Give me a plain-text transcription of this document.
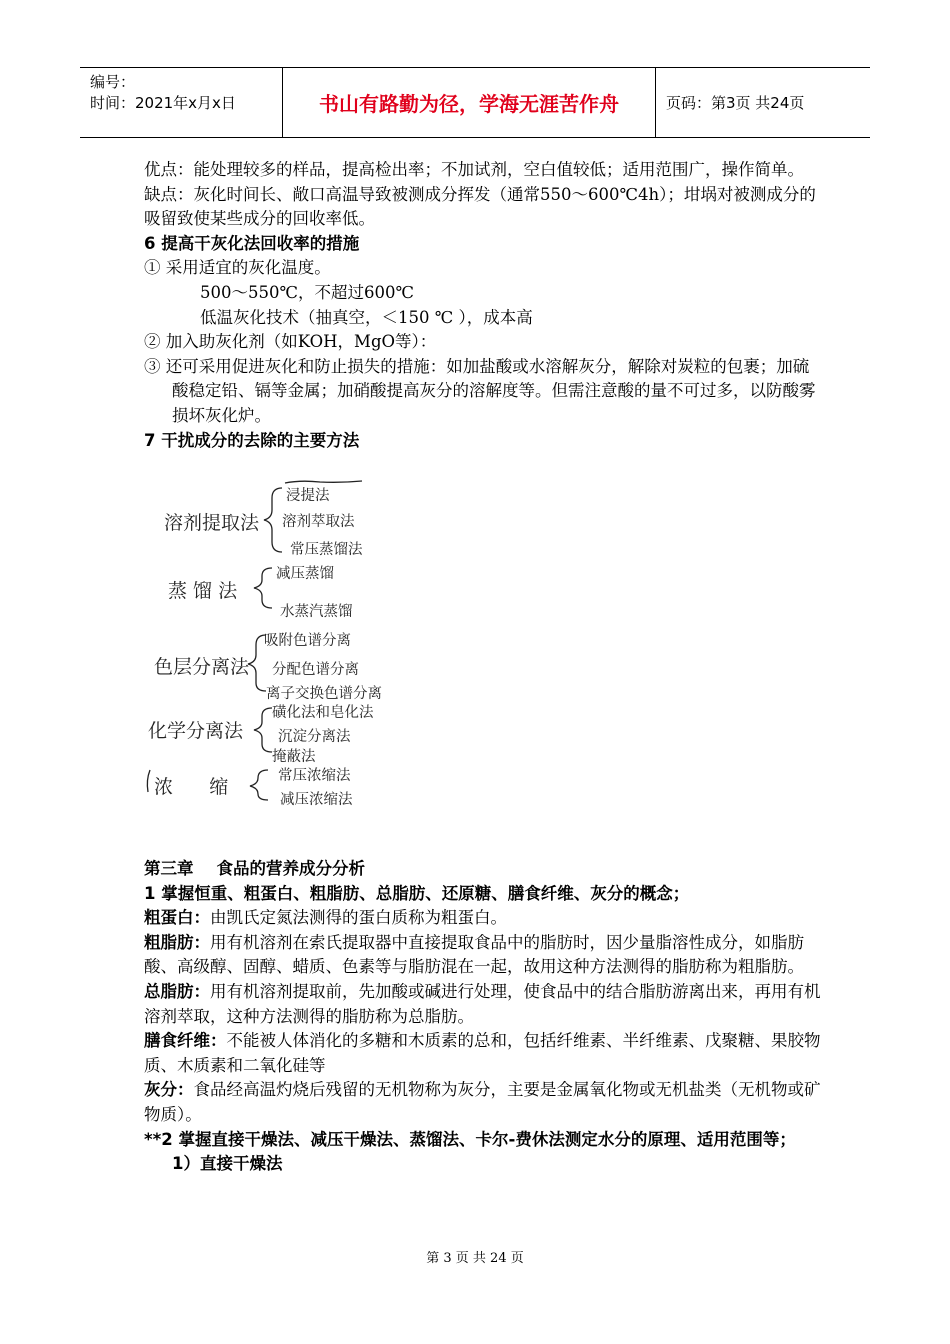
编号：
时间：2021年x月x日	书山有路勤为径，学海无涯苦作舟	页码：第3页 共24页

优点：能处理较多的样品，提高检出率；不加试剂，空白值较低；适用范围广，操作简单。

缺点：灰化时间长、敞口高温导致被测成分挥发（通常550～600℃4h）；坩埚对被测成分的吸留致使某些成分的回收率低。

6 提高干灰化法回收率的措施

① 采用适宜的灰化温度。

500～550℃，不超过600℃

低温灰化技术（抽真空，＜150 ℃ ），成本高

② 加入助灰化剂（如KOH，MgO等）：

③ 还可采用促进灰化和防止损失的措施：如加盐酸或水溶解灰分，解除对炭粒的包裹；加硫酸稳定铅、镉等金属；加硝酸提高灰分的溶解度等。但需注意酸的量不可过多，以防酸雾损坏灰化炉。

7 干扰成分的去除的主要方法

溶剂提取法
浸提法
溶剂萃取法
常压蒸馏法
蒸 馏 法
减压蒸馏
水蒸汽蒸馏
色层分离法
吸附色谱分离
分配色谱分离
离子交换色谱分离
化学分离法
磺化法和皂化法
沉淀分离法
掩蔽法
浓      缩	常压浓缩法
减压浓缩法

第三章    食品的营养成分分析

1 掌握恒重、粗蛋白、粗脂肪、总脂肪、还原糖、膳食纤维、灰分的概念；

粗蛋白：由凯氏定氮法测得的蛋白质称为粗蛋白。

粗脂肪：用有机溶剂在索氏提取器中直接提取食品中的脂肪时，因少量脂溶性成分，如脂肪酸、高级醇、固醇、蜡质、色素等与脂肪混在一起，故用这种方法测得的脂肪称为粗脂肪。

总脂肪：用有机溶剂提取前，先加酸或碱进行处理，使食品中的结合脂肪游离出来，再用有机溶剂萃取，这种方法测得的脂肪称为总脂肪。

膳食纤维：不能被人体消化的多糖和木质素的总和，包括纤维素、半纤维素、戊聚糖、果胶物质、木质素和二氧化硅等

灰分：食品经高温灼烧后残留的无机物称为灰分，主要是金属氧化物或无机盐类（无机物或矿物质）。

**2 掌握直接干燥法、减压干燥法、蒸馏法、卡尔-费休法测定水分的原理、适用范围等；

1）直接干燥法

第 3 页 共 24 页
